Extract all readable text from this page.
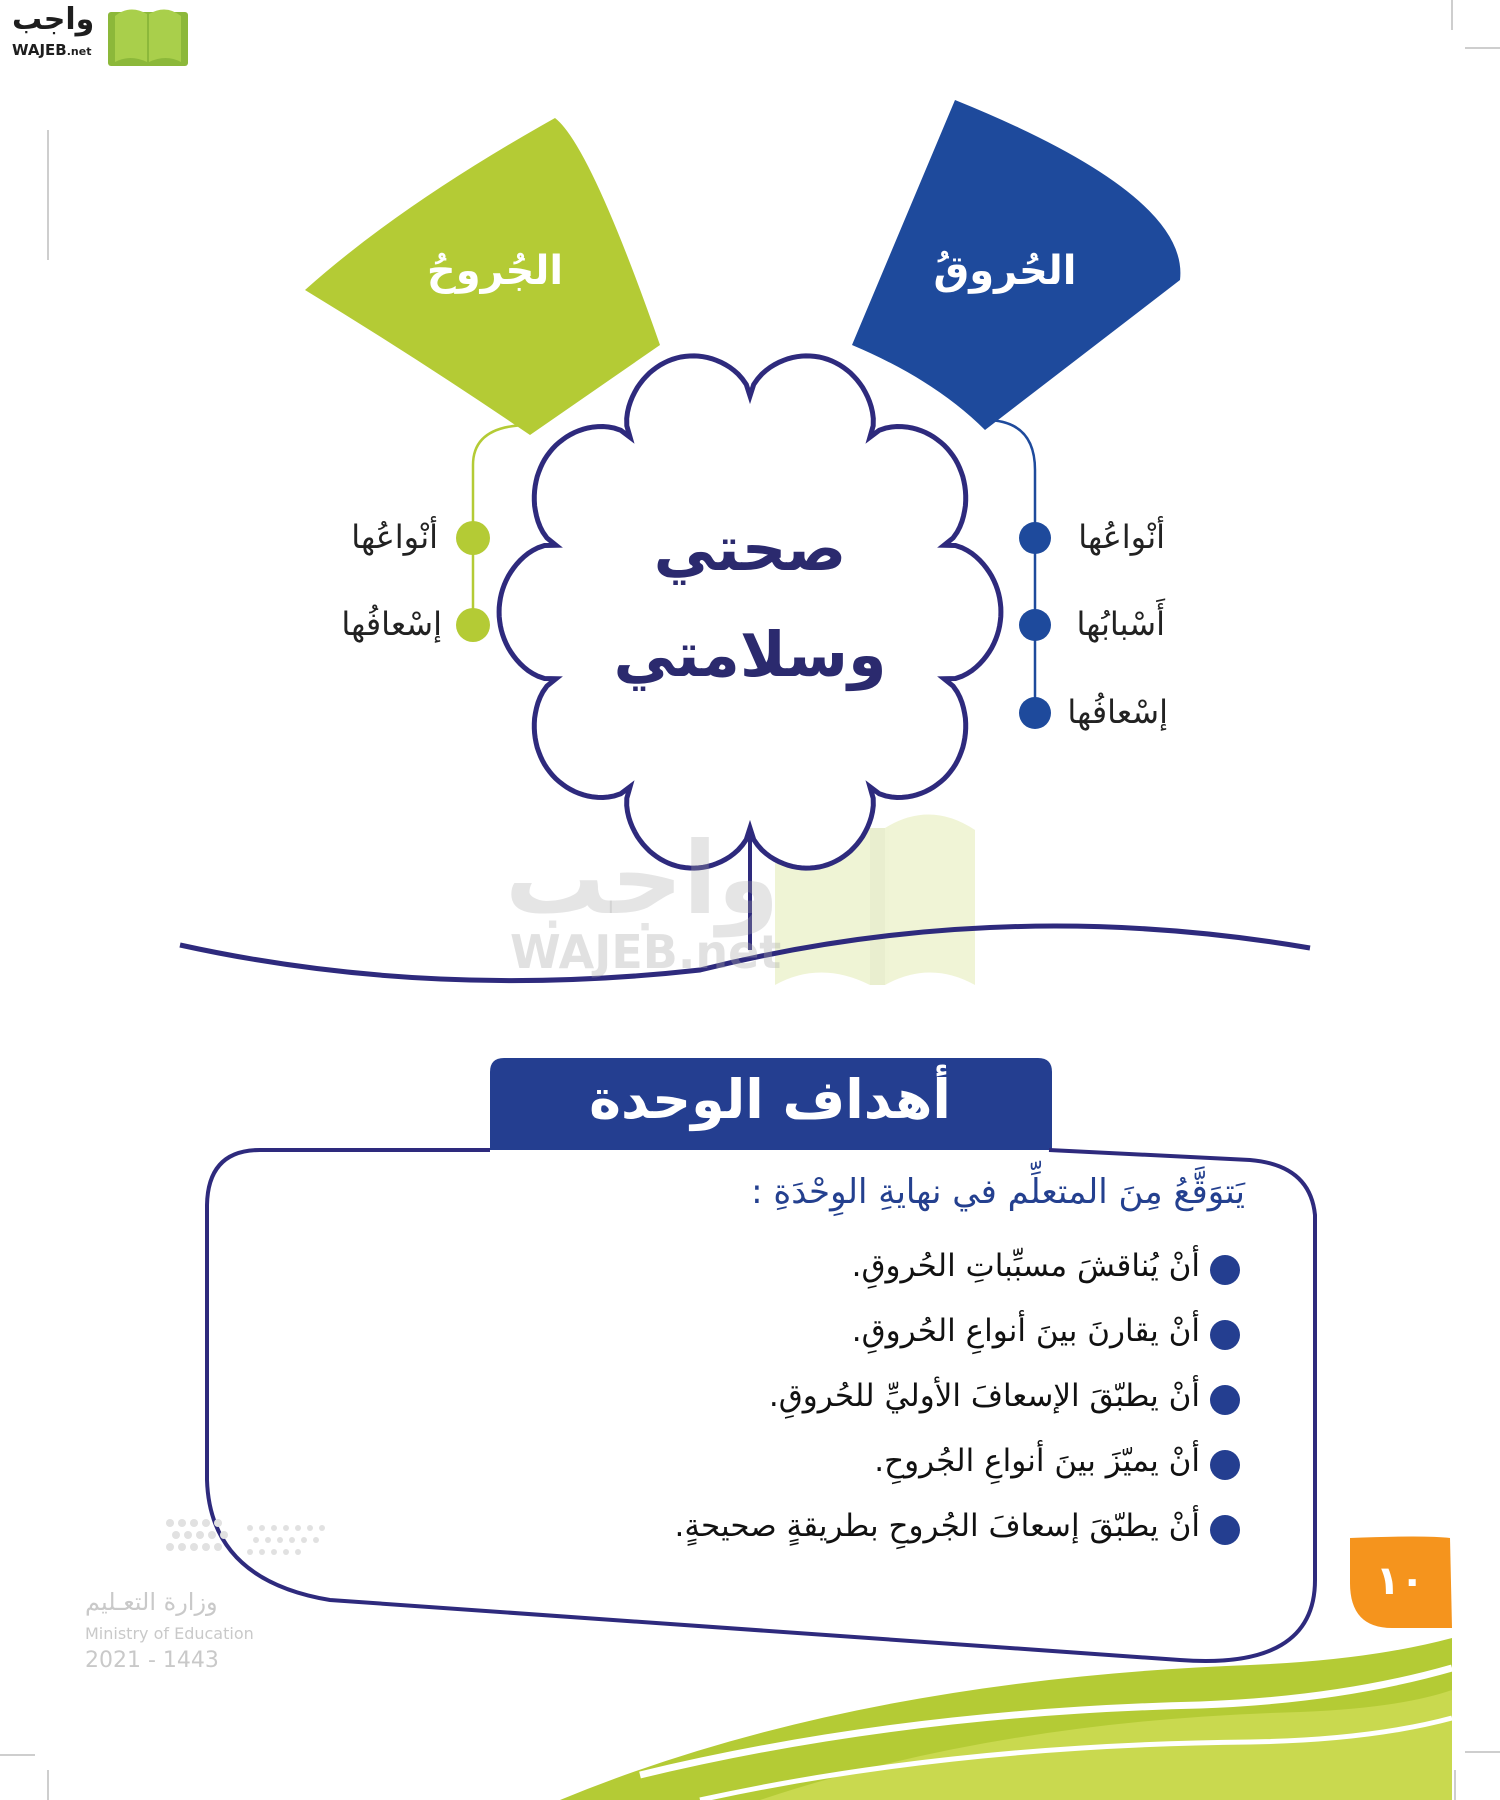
واجب
WAJEB.net
واجب
WAJEB.net
الحُروقُ
الجُروحُ
صحتي
وسلامتي
أنْواعُها
أَسْبابُها
إسْعافُها
أنْواعُها
إسْعافُها
أهداف الوحدة
يَتوَقَّعُ مِنَ المتعلِّم في نهايةِ الوِحْدَةِ :
أنْ يُناقشَ مسبِّباتِ الحُروقِ.
أنْ يقارنَ بينَ أنواعِ الحُروقِ.
أنْ يطبّقَ الإسعافَ الأوليِّ للحُروقِ.
أنْ يميّزَ بينَ أنواعِ الجُروحِ.
أنْ يطبّقَ إسعافَ الجُروحِ بطريقةٍ صحيحةٍ.
١٠
وزارة التعـليم
Ministry of Education
2021 - 1443
